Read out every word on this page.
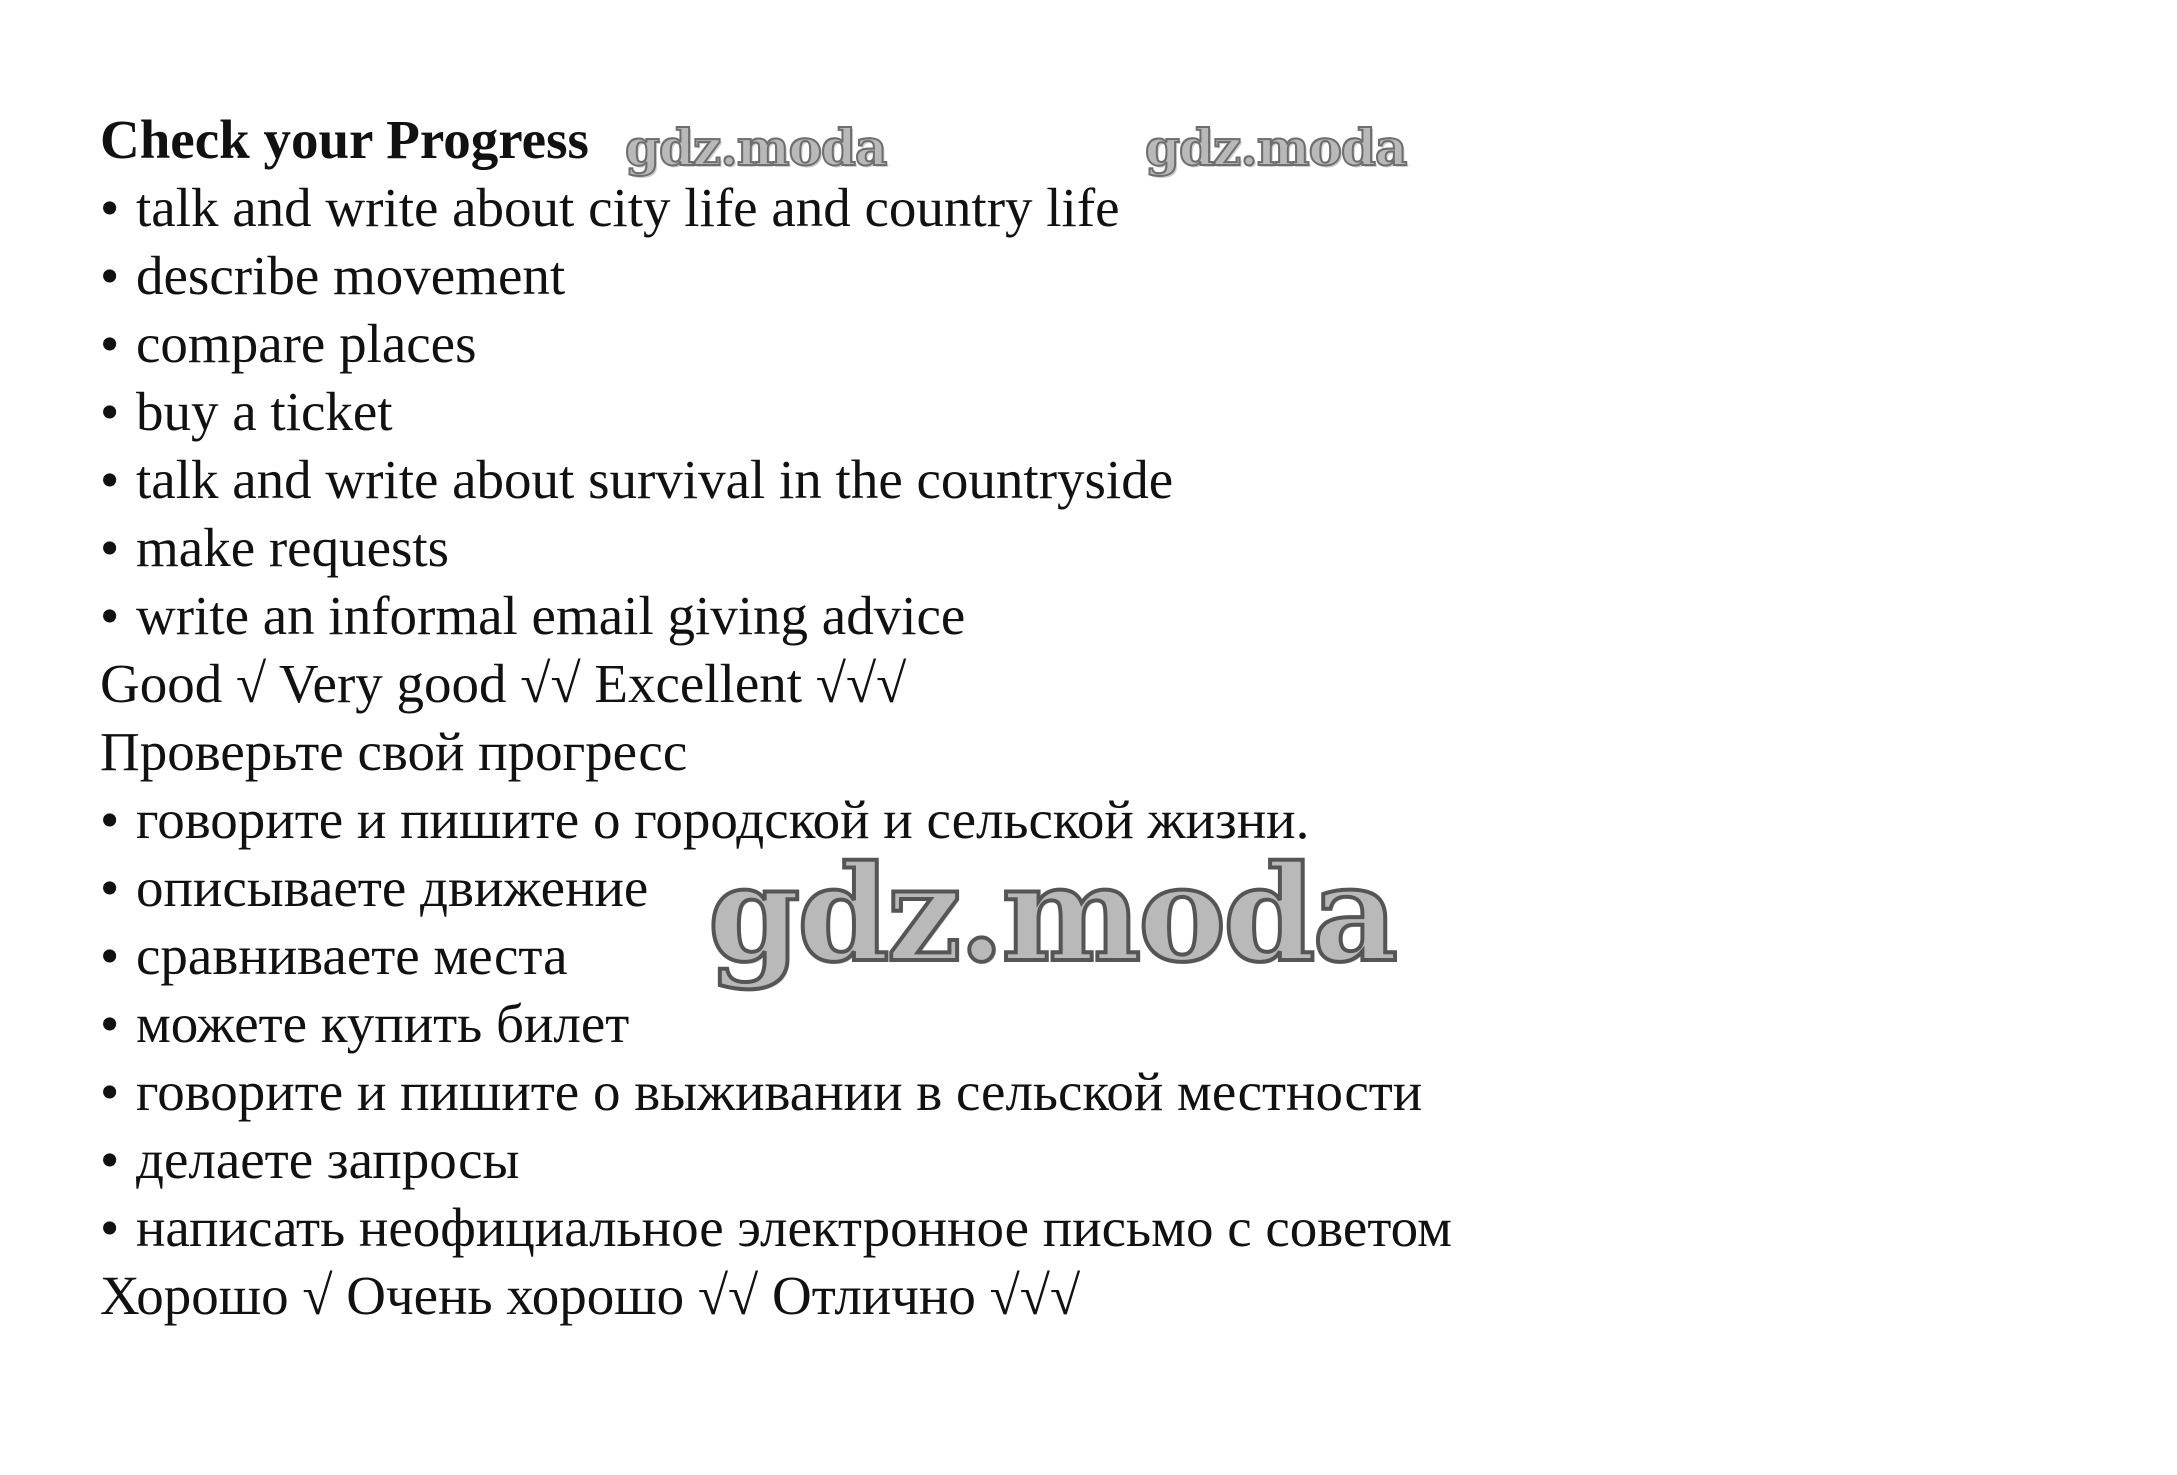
Check your Progress
• talk and write about city life and country life
• describe movement
• compare places
• buy a ticket
• talk and write about survival in the countryside
• make requests
• write an informal email giving advice
Good √ Very good √√ Excellent √√√
Проверьте свой прогресс
• говорите и пишите о городской и сельской жизни.
• описываете движение
• сравниваете места
• можете купить билет
• говорите и пишите о выживании в сельской местности
• делаете запросы
• написать неофициальное электронное письмо с советом
Хорошо √ Очень хорошо √√ Отлично √√√
gdz.moda	gdz.moda
gdz.moda
